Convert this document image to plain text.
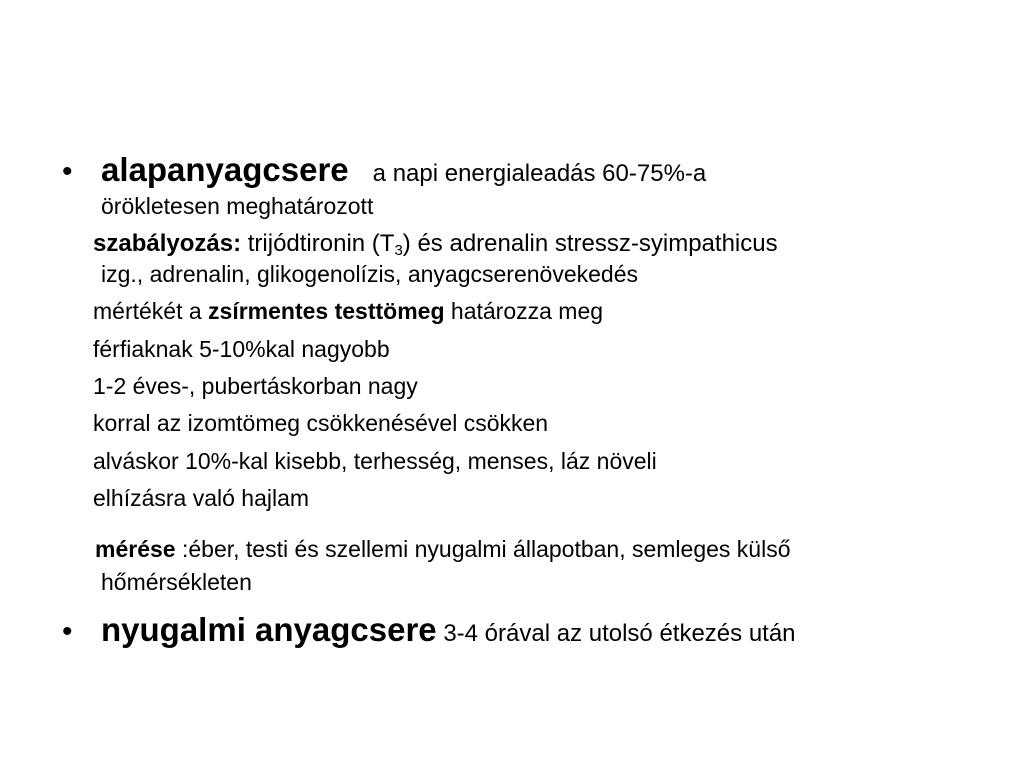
• alapanyagcsere a napi energialeadás 60-75%-a
örökletesen meghatározott
szabályozás: trijódtironin $(T_3)$ és adrenalin stressz-syimpathicus
izg., adrenalin, glikogenolízis, anyagcserenövekedés
mértékét a zsírmentes testtömeg határozza meg
férfiaknak 5-10%kal nagyobb
1-2 éves-, pubertáskorban nagy
korral az izomtömeg csökkenésével csökken
alváskor 10%-kal kisebb, terhesség, menses, láz növeli
elhízásra való hajlam
mérése :éber, testi és szellemi nyugalmi állapotban, semleges külső
hőmérsékleten
• nyugalmi anyagcsere 3-4 órával az utolsó étkezés után
